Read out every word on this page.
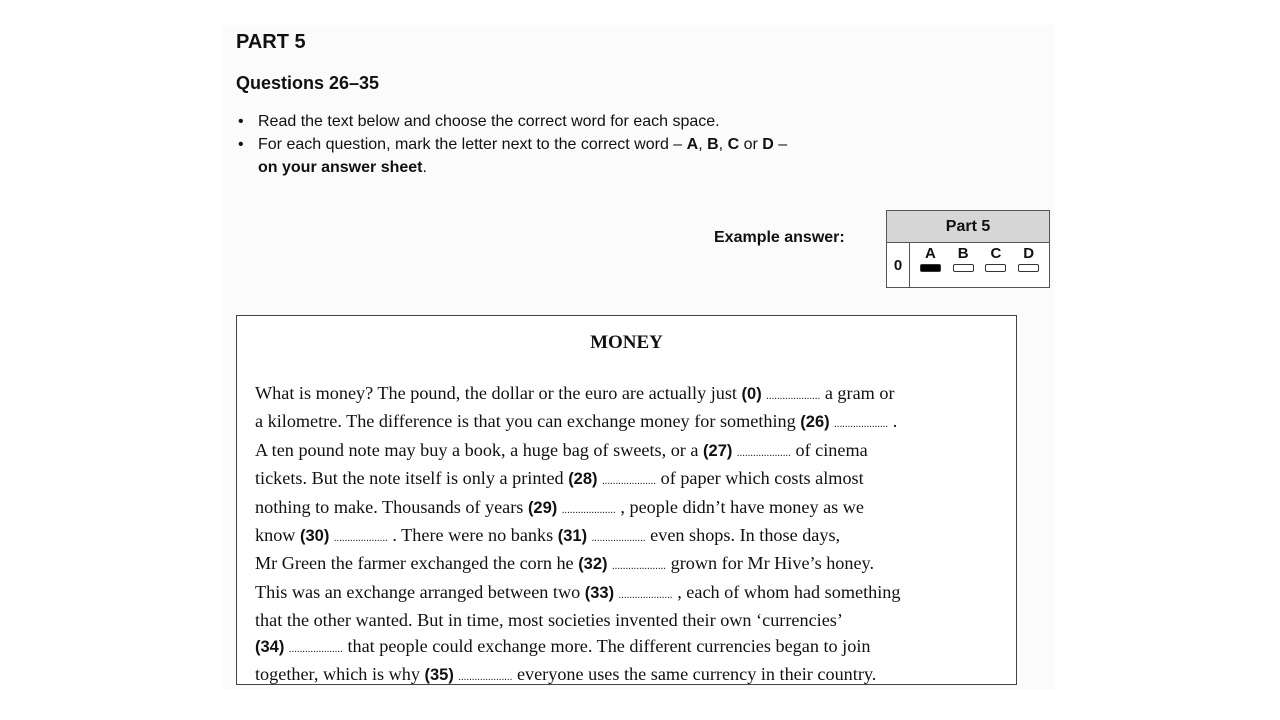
PART 5
Questions 26–35
• Read the text below and choose the correct word for each space.
• For each question, mark the letter next to the correct word – A, B, C or D –
on your answer sheet.
Example answer:
Part 5
0
A B C D
MONEY
What is money? The pound, the dollar or the euro are actually just (0) .................... a gram or
a kilometre. The difference is that you can exchange money for something (26) .................... .
A ten pound note may buy a book, a huge bag of sweets, or a (27) .................... of cinema
tickets. But the note itself is only a printed (28) .................... of paper which costs almost
nothing to make. Thousands of years (29) .................... , people didn’t have money as we
know (30) .................... . There were no banks (31) .................... even shops. In those days,
Mr Green the farmer exchanged the corn he (32) .................... grown for Mr Hive’s honey.
This was an exchange arranged between two (33) .................... , each of whom had something
that the other wanted. But in time, most societies invented their own ‘currencies’
(34) .................... that people could exchange more. The different currencies began to join
together, which is why (35) .................... everyone uses the same currency in their country.
